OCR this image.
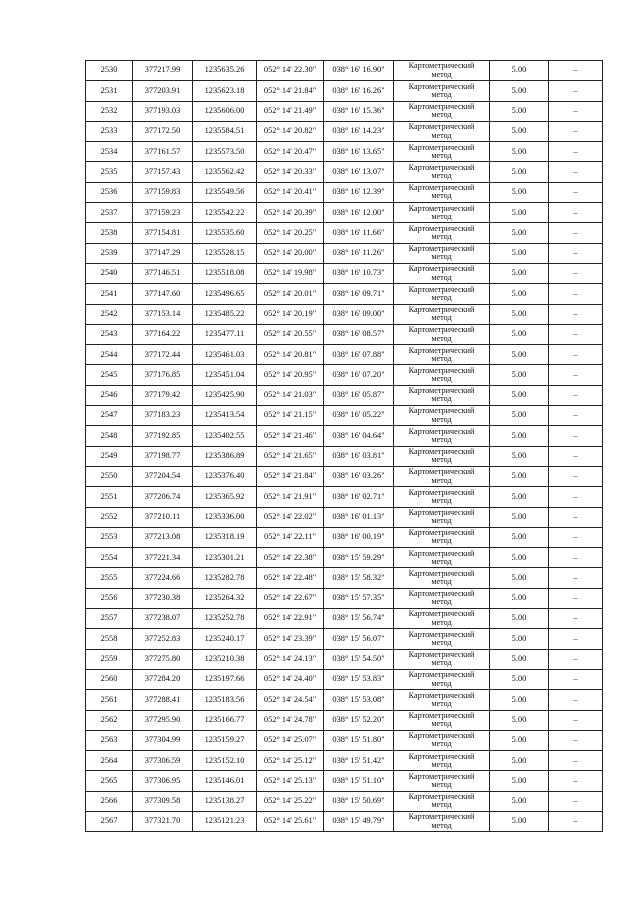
2530	377217.99	1235635.26	052° 14' 22.30"	038° 16' 16.90"	Картометрический
метод	5.00	–
2531	377203.91	1235623.18	052° 14' 21.84"	038° 16' 16.26"	Картометрический
метод	5.00	–
2532	377193.03	1235606.00	052° 14' 21.49"	038° 16' 15.36"	Картометрический
метод	5.00	–
2533	377172.50	1235584.51	052° 14' 20.82"	038° 16' 14.23"	Картометрический
метод	5.00	–
2534	377161.57	1235573.50	052° 14' 20.47"	038° 16' 13.65"	Картометрический
метод	5.00	–
2535	377157.43	1235562.42	052° 14' 20.33"	038° 16' 13.07"	Картометрический
метод	5.00	–
2536	377159.83	1235549.56	052° 14' 20.41"	038° 16' 12.39"	Картометрический
метод	5.00	–
2537	377159.23	1235542.22	052° 14' 20.39"	038° 16' 12.00"	Картометрический
метод	5.00	–
2538	377154.81	1235535.60	052° 14' 20.25"	038° 16' 11.66"	Картометрический
метод	5.00	–
2539	377147.29	1235528.15	052° 14' 20.00"	038° 16' 11.26"	Картометрический
метод	5.00	–
2540	377146.51	1235518.08	052° 14' 19.98"	038° 16' 10.73"	Картометрический
метод	5.00	–
2541	377147.60	1235496.65	052° 14' 20.01"	038° 16' 09.71"	Картометрический
метод	5.00	–
2542	377153.14	1235485.22	052° 14' 20.19"	038° 16' 09.00"	Картометрический
метод	5.00	–
2543	377164.22	1235477.11	052° 14' 20.55"	038° 16' 08.57"	Картометрический
метод	5.00	–
2544	377172.44	1235461.03	052° 14' 20.81"	038° 16' 07.88"	Картометрический
метод	5.00	–
2545	377176.85	1235451.04	052° 14' 20.95"	038° 16' 07.20"	Картометрический
метод	5.00	–
2546	377179.42	1235425.90	052° 14' 21.03"	038° 16' 05.87"	Картометрический
метод	5.00	–
2547	377183.23	1235413.54	052° 14' 21.15"	038° 16' 05.22"	Картометрический
метод	5.00	–
2548	377192.85	1235402.55	052° 14' 21.46"	038° 16' 04.64"	Картометрический
метод	5.00	–
2549	377198.77	1235386.89	052° 14' 21.65"	038° 16' 03.81"	Картометрический
метод	5.00	–
2550	377204.54	1235376.40	052° 14' 21.84"	038° 16' 03.26"	Картометрический
метод	5.00	–
2551	377206.74	1235365.92	052° 14' 21.91"	038° 16' 02.71"	Картометрический
метод	5.00	–
2552	377210.11	1235336.00	052° 14' 22.02"	038° 16' 01.13"	Картометрический
метод	5.00	–
2553	377213.08	1235318.19	052° 14' 22.11"	038° 16' 00.19"	Картометрический
метод	5.00	–
2554	377221.34	1235301.21	052° 14' 22.38"	038° 15' 59.29"	Картометрический
метод	5.00	–
2555	377224.66	1235282.78	052° 14' 22.48"	038° 15' 58.32"	Картометрический
метод	5.00	–
2556	377230.38	1235264.32	052° 14' 22.67"	038° 15' 57.35"	Картометрический
метод	5.00	–
2557	377238.07	1235252.78	052° 14' 22.91"	038° 15' 56.74"	Картометрический
метод	5.00	–
2558	377252.83	1235240.17	052° 14' 23.39"	038° 15' 56.07"	Картометрический
метод	5.00	–
2559	377275.80	1235210.38	052° 14' 24.13"	038° 15' 54.50"	Картометрический
метод	5.00	–
2560	377284.20	1235197.66	052° 14' 24.40"	038° 15' 53.83"	Картометрический
метод	5.00	–
2561	377288.41	1235183.56	052° 14' 24.54"	038° 15' 53.08"	Картометрический
метод	5.00	–
2562	377295.90	1235166.77	052° 14' 24.78"	038° 15' 52.20"	Картометрический
метод	5.00	–
2563	377304.99	1235159.27	052° 14' 25.07"	038° 15' 51.80"	Картометрический
метод	5.00	–
2564	377306.59	1235152.10	052° 14' 25.12"	038° 15' 51.42"	Картометрический
метод	5.00	–
2565	377306.95	1235146.01	052° 14' 25.13"	038° 15' 51.10"	Картометрический
метод	5.00	–
2566	377309.58	1235138.27	052° 14' 25.22"	038° 15' 50.69"	Картометрический
метод	5.00	–
2567	377321.70	1235121.23	052° 14' 25.61"	038° 15' 49.79"	Картометрический
метод	5.00	–
